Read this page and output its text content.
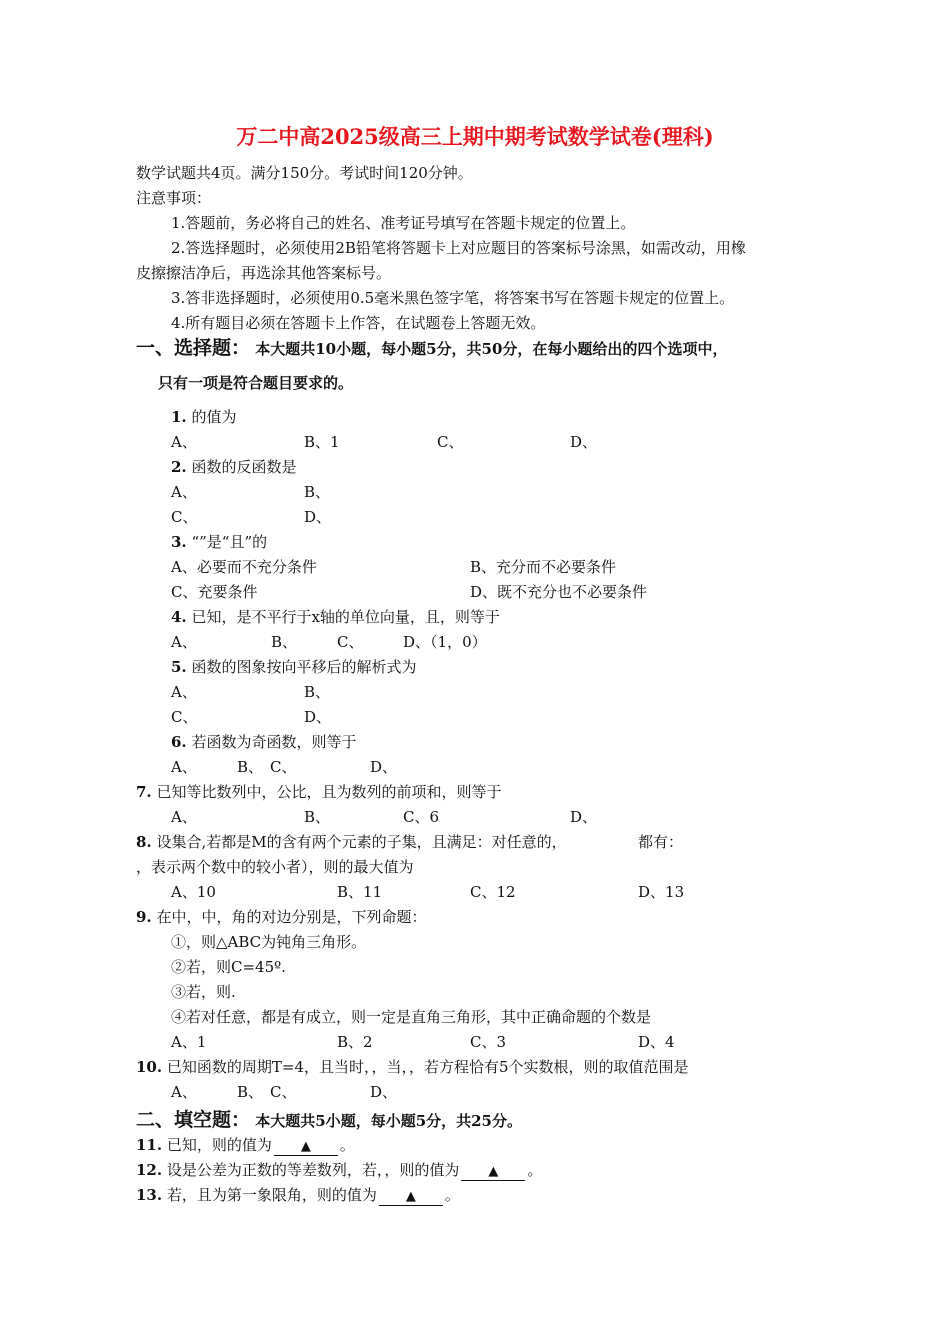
万二中高2025级高三上期中期考试数学试卷(理科)
数学试题共4页。满分150分。考试时间120分钟。
注意事项：
1.答题前，务必将自己的姓名、准考证号填写在答题卡规定的位置上。
2.答选择题时，必须使用2B铅笔将答题卡上对应题目的答案标号涂黑，如需改动，用橡
皮擦擦洁净后，再选涂其他答案标号。
3.答非选择题时，必须使用0.5毫米黑色签字笔，将答案书写在答题卡规定的位置上。
4.所有题目必须在答题卡上作答，在试题卷上答题无效。
一、选择题： 本大题共10小题，每小题5分，共50分，在每小题给出的四个选项中，
只有一项是符合题目要求的。
1. 的值为
A、	B、1	C、	D、
2. 函数的反函数是
A、	B、
C、	D、
3. “”是“且”的
A、必要而不充分条件	B、充分而不必要条件
C、充要条件	D、既不充分也不必要条件
4. 已知，是不平行于x轴的单位向量，且，则等于
A、	B、	C、	D、（1，0）
5. 函数的图象按向平移后的解析式为
A、	B、
C、	D、
6. 若函数为奇函数，则等于
A、	B、 C、	D、
7. 已知等比数列中，公比，且为数列的前项和，则等于
A、	B、	C、6	D、
8. 设集合,若都是M的含有两个元素的子集，且满足：对任意的，	都有：
，表示两个数中的较小者），则的最大值为
A、10	B、11	C、12	D、13
9. 在中，中，角的对边分别是，下列命题：
①，则△ABC为钝角三角形。
②若，则C=45º.
③若，则.
④若对任意，都是有成立，则一定是直角三角形，其中正确命题的个数是
A、1	B、2	C、3	D、4
10. 已知函数的周期T=4，且当时，，当，，若方程恰有5个实数根，则的取值范围是
A、	B、 C、	D、
二、填空题： 本大题共5小题，每小题5分，共25分。
11. 已知，则的值为 ▲ 。
12. 设是公差为正数的等差数列，若，，则的值为 ▲ 。
13. 若，且为第一象限角，则的值为 ▲ 。
